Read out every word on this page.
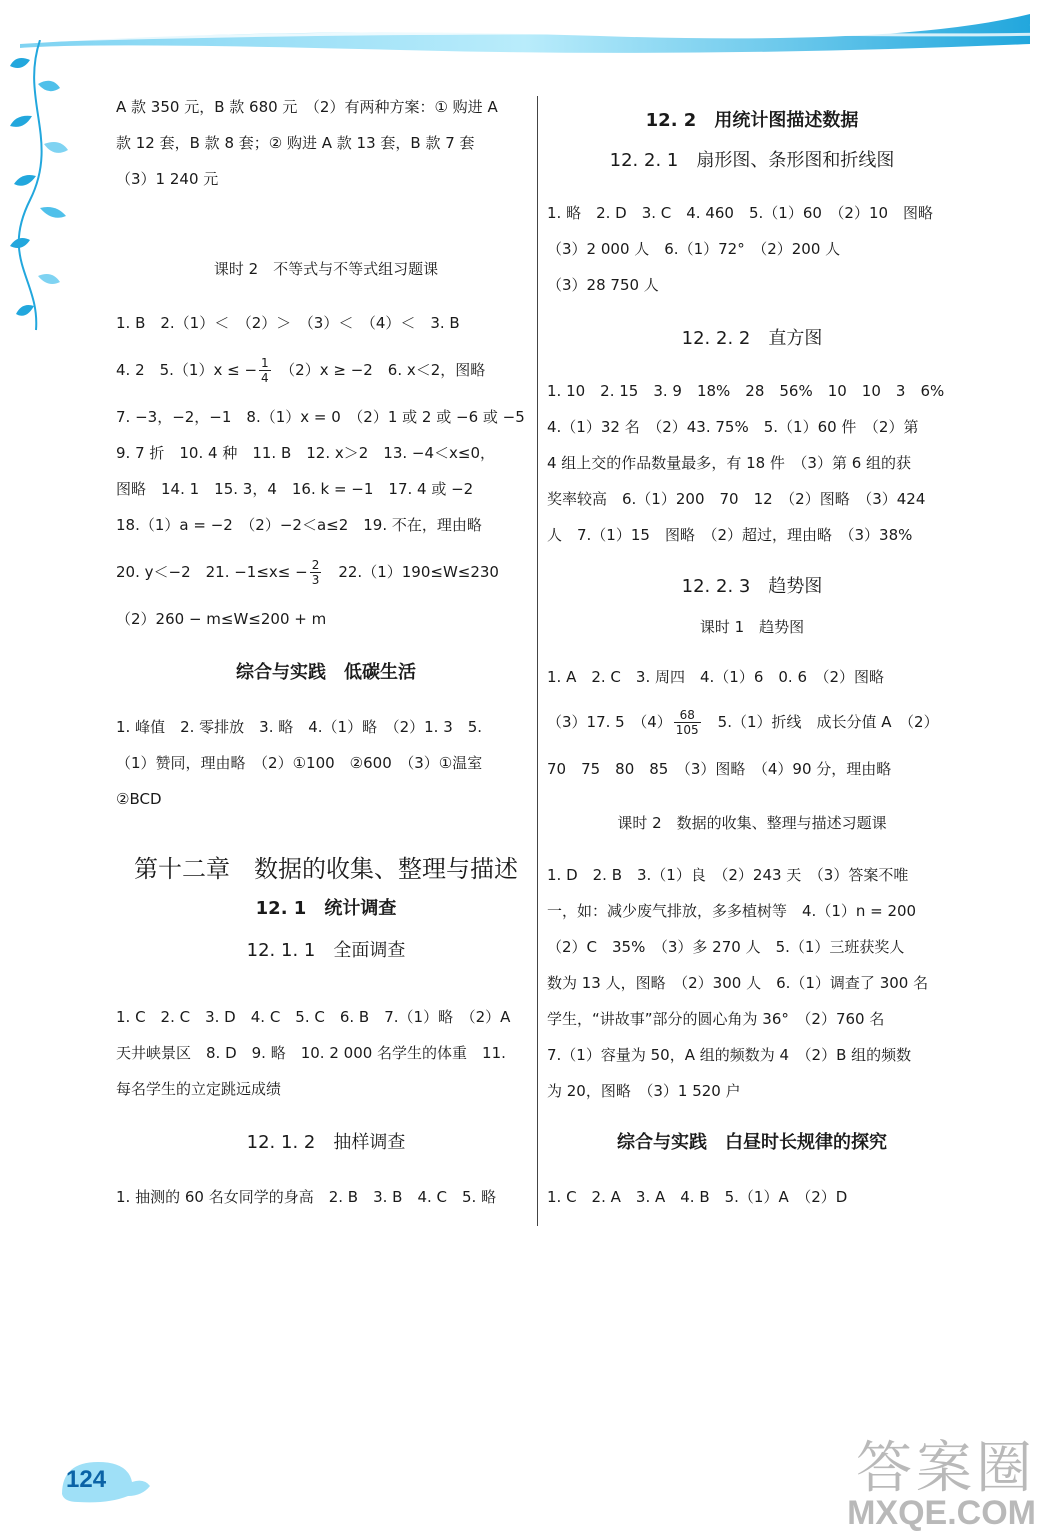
A 款 350 元，B 款 680 元　（2）有两种方案：① 购进 A
款 12 套，B 款 8 套；② 购进 A 款 13 套，B 款 7 套
（3）1 240 元
课时 2　不等式与不等式组习题课
1. B　2.（1）＜　（2）＞　（3）＜　（4）＜　3. B
4. 2　5.（1）x ≤ − $\frac{1}{4}$ 　（2）x ≥ −2　6. x＜2，图略
7. −3，−2，−1　8.（1）x = 0　（2）1 或 2 或 −6 或 −5
9. 7 折　10. 4 种　11. B　12. x＞2　13. −4＜x≤0，
图略　14. 1　15. 3，4　16. k = −1　17. 4 或 −2
18.（1）a = −2　（2）−2＜a≤2　19. 不在，理由略
20. y＜−2　21. $-1\le x\le - \frac{2}{3}$ 　22.（1）190≤W≤230
（2）260 − m≤W≤200 + m
综合与实践　低碳生活
1. 峰值　2. 零排放　3. 略　4.（1）略　（2）1. 3　5.
（1）赞同，理由略　（2）①100　②600　（3）①温室
②BCD
第十二章　数据的收集、整理与描述
12. 1　统计调查
12. 1. 1　全面调查
1. C　2. C　3. D　4. C　5. C　6. B　7.（1）略　（2）A
天井峡景区　8. D　9. 略　10. 2 000 名学生的体重　11.
每名学生的立定跳远成绩
12. 1. 2　抽样调查
1. 抽测的 60 名女同学的身高　2. B　3. B　4. C　5. 略
12. 2　用统计图描述数据
12. 2. 1　扇形图、条形图和折线图
1. 略　2. D　3. C　4. 460　5.（1）60　（2）10　图略
（3）2 000 人　6.（1）72°　（2）200 人
（3）28 750 人
12. 2. 2　直方图
1. 10　2. 15　3. 9　18%　28　56%　10　10　3　6%
4.（1）32 名　（2）43. 75%　5.（1）60 件　（2）第
4 组上交的作品数量最多，有 18 件　（3）第 6 组的获
奖率较高　6.（1）200　70　12　（2）图略　（3）424
人　7.（1）15　图略　（2）超过，理由略　（3）38%
12. 2. 3　趋势图
课时 1　趋势图
1. A　2. C　3. 周四　4.（1）6　0. 6　（2）图略
（3）17. 5　$(4) \frac{68}{105}$ 　5.（1）折线　成长分值 A　（2）
70　75　80　85　（3）图略　（4）90 分，理由略
课时 2　数据的收集、整理与描述习题课
1. D　2. B　3.（1）良　（2）243 天　（3）答案不唯
一，如：减少废气排放，多多植树等　4.（1）n = 200
（2）C　35%　（3）多 270 人　5.（1）三班获奖人
数为 13 人，图略　（2）300 人　6.（1）调查了 300 名
学生，“讲故事”部分的圆心角为 36°　（2）760 名
7.（1）容量为 50，A 组的频数为 4　（2）B 组的频数
为 20，图略　（3）1 520 户
综合与实践　白昼时长规律的探究
1. C　2. A　3. A　4. B　5.（1）A　（2）D
124	答案圈
MXQE.COM
